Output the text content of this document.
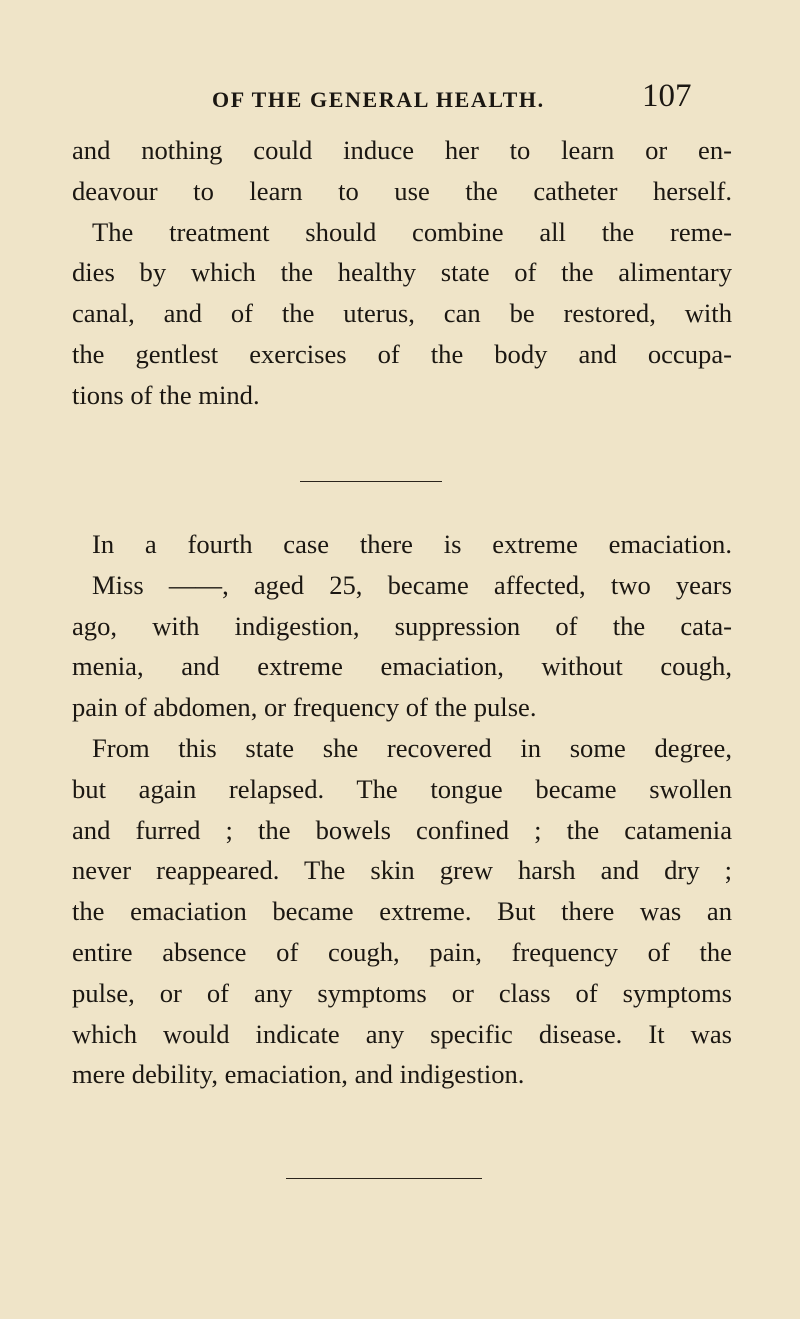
OF THE GENERAL HEALTH.	107
and nothing could induce her to learn or en-
deavour to learn to use the catheter herself.
The treatment should combine all the reme-
dies by which the healthy state of the alimentary
canal, and of the uterus, can be restored, with
the gentlest exercises of the body and occupa-
tions of the mind.
In a fourth case there is extreme emaciation.
Miss ——, aged 25, became affected, two years
ago, with indigestion, suppression of the cata-
menia, and extreme emaciation, without cough,
pain of abdomen, or frequency of the pulse.
From this state she recovered in some degree,
but again relapsed. The tongue became swollen
and furred ; the bowels confined ; the catamenia
never reappeared. The skin grew harsh and dry ;
the emaciation became extreme. But there was an
entire absence of cough, pain, frequency of the
pulse, or of any symptoms or class of symptoms
which would indicate any specific disease. It was
mere debility, emaciation, and indigestion.
